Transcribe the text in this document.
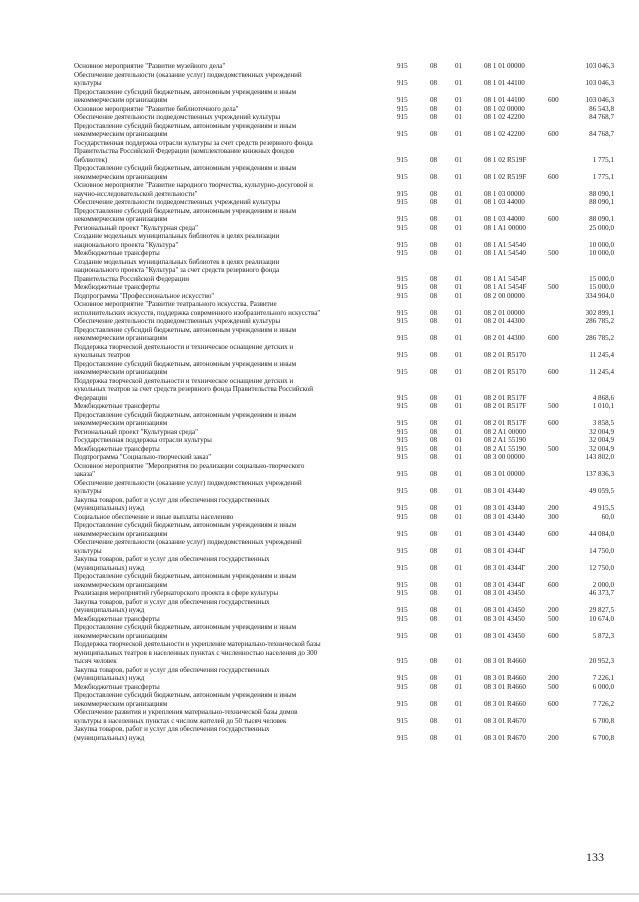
Основное мероприятие "Развитие музейного дела"	915	08	01	08 1 01 00000	103 046,3
Обеспечение деятельности (оказание услуг) подведомственных учреждений
культуры	915	08	01	08 1 01 44100	103 046,3
Предоставление субсидий бюджетным, автономным учреждениям и иным
некоммерческим организациям	915	08	01	08 1 01 44100	600	103 046,3
Основное мероприятие "Развитие библиотечного дела"	915	08	01	08 1 02 00000	86 543,8
Обеспечение деятельности подведомственных учреждений культуры	915	08	01	08 1 02 42200	84 768,7
Предоставление субсидий бюджетным, автономным учреждениям и иным
некоммерческим организациям	915	08	01	08 1 02 42200	600	84 768,7
Государственная поддержка отрасли культуры за счет средств резервного фонда
Правительства Российской Федерации (комплектование книжных фондов
библиотек)	915	08	01	08 1 02 R519F	1 775,1
Предоставление субсидий бюджетным, автономным учреждениям и иным
некоммерческим организациям	915	08	01	08 1 02 R519F	600	1 775,1
Основное мероприятие "Развитие народного творчества, культурно-досуговой и
научно-исследовательской деятельности"	915	08	01	08 1 03 00000	88 090,1
Обеспечение деятельности подведомственных учреждений культуры	915	08	01	08 1 03 44000	88 090,1
Предоставление субсидий бюджетным, автономным учреждениям и иным
некоммерческим организациям	915	08	01	08 1 03 44000	600	88 090,1
Региональный проект "Культурная среда"	915	08	01	08 1 A1 00000	25 000,0
Создание модельных муниципальных библиотек в целях реализации
национального проекта "Культура"	915	08	01	08 1 A1 54540	10 000,0
Межбюджетные трансферты	915	08	01	08 1 A1 54540	500	10 000,0
Создание модельных муниципальных библиотек в целях реализации
национального проекта "Культура" за счет средств резервного фонда
Правительства Российской Федерации	915	08	01	08 1 A1 5454F	15 000,0
Межбюджетные трансферты	915	08	01	08 1 A1 5454F	500	15 000,0
Подпрограмма "Профессиональное искусство"	915	08	01	08 2 00 00000	334 904,0
Основное мероприятие "Развитие театрального искусства. Развитие
исполнительских искусств, поддержка современного изобразительного искусства"	915	08	01	08 2 01 00000	302 899,1
Обеспечение деятельности подведомственных учреждений культуры	915	08	01	08 2 01 44300	286 785,2
Предоставление субсидий бюджетным, автономным учреждениям и иным
некоммерческим организациям	915	08	01	08 2 01 44300	600	286 785,2
Поддержка творческой деятельности и техническое оснащение детских и
кукольных театров	915	08	01	08 2 01 R5170	11 245,4
Предоставление субсидий бюджетным, автономным учреждениям и иным
некоммерческим организациям	915	08	01	08 2 01 R5170	600	11 245,4
Поддержка творческой деятельности и техническое оснащение детских и
кукольных театров за счет средств резервного фонда Правительства Российской
Федерации	915	08	01	08 2 01 R517F	4 868,6
Межбюджетные трансферты	915	08	01	08 2 01 R517F	500	1 010,1
Предоставление субсидий бюджетным, автономным учреждениям и иным
некоммерческим организациям	915	08	01	08 2 01 R517F	600	3 858,5
Региональный проект "Культурная среда"	915	08	01	08 2 A1 00000	32 004,9
Государственная поддержка отрасли культуры	915	08	01	08 2 A1 55190	32 004,9
Межбюджетные трансферты	915	08	01	08 2 A1 55190	500	32 004,9
Подпрограмма "Социально-творческий заказ"	915	08	01	08 3 00 00000	143 802,0
Основное мероприятие "Мероприятия по реализации социально-творческого
заказа"	915	08	01	08 3 01 00000	137 836,3
Обеспечение деятельности (оказание услуг) подведомственных учреждений
культуры	915	08	01	08 3 01 43440	49 059,5
Закупка товаров, работ и услуг для обеспечения государственных
(муниципальных) нужд	915	08	01	08 3 01 43440	200	4 915,5
Социальное обеспечение и иные выплаты населению	915	08	01	08 3 01 43440	300	60,0
Предоставление субсидий бюджетным, автономным учреждениям и иным
некоммерческим организациям	915	08	01	08 3 01 43440	600	44 084,0
Обеспечение деятельности (оказание услуг) подведомственных учреждений
культуры	915	08	01	08 3 01 4344Г	14 750,0
Закупка товаров, работ и услуг для обеспечения государственных
(муниципальных) нужд	915	08	01	08 3 01 4344Г	200	12 750,0
Предоставление субсидий бюджетным, автономным учреждениям и иным
некоммерческим организациям	915	08	01	08 3 01 4344Г	600	2 000,0
Реализация мероприятий губернаторского проекта в сфере культуры	915	08	01	08 3 01 43450	46 373,7
Закупка товаров, работ и услуг для обеспечения государственных
(муниципальных) нужд	915	08	01	08 3 01 43450	200	29 827,5
Межбюджетные трансферты	915	08	01	08 3 01 43450	500	10 674,0
Предоставление субсидий бюджетным, автономным учреждениям и иным
некоммерческим организациям	915	08	01	08 3 01 43450	600	5 872,3
Поддержка творческой деятельности и укрепление материально-технической базы
муниципальных театров в населенных пунктах с численностью населения до 300
тысяч человек	915	08	01	08 3 01 R4660	20 952,3
Закупка товаров, работ и услуг для обеспечения государственных
(муниципальных) нужд	915	08	01	08 3 01 R4660	200	7 226,1
Межбюджетные трансферты	915	08	01	08 3 01 R4660	500	6 000,0
Предоставление субсидий бюджетным, автономным учреждениям и иным
некоммерческим организациям	915	08	01	08 3 01 R4660	600	7 726,2
Обеспечение развития и укрепления материально-технической базы домов
культуры в населенных пунктах с числом жителей до 50 тысяч человек	915	08	01	08 3 01 R4670	6 700,8
Закупка товаров, работ и услуг для обеспечения государственных
(муниципальных) нужд	915	08	01	08 3 01 R4670	200	6 700,8
133
